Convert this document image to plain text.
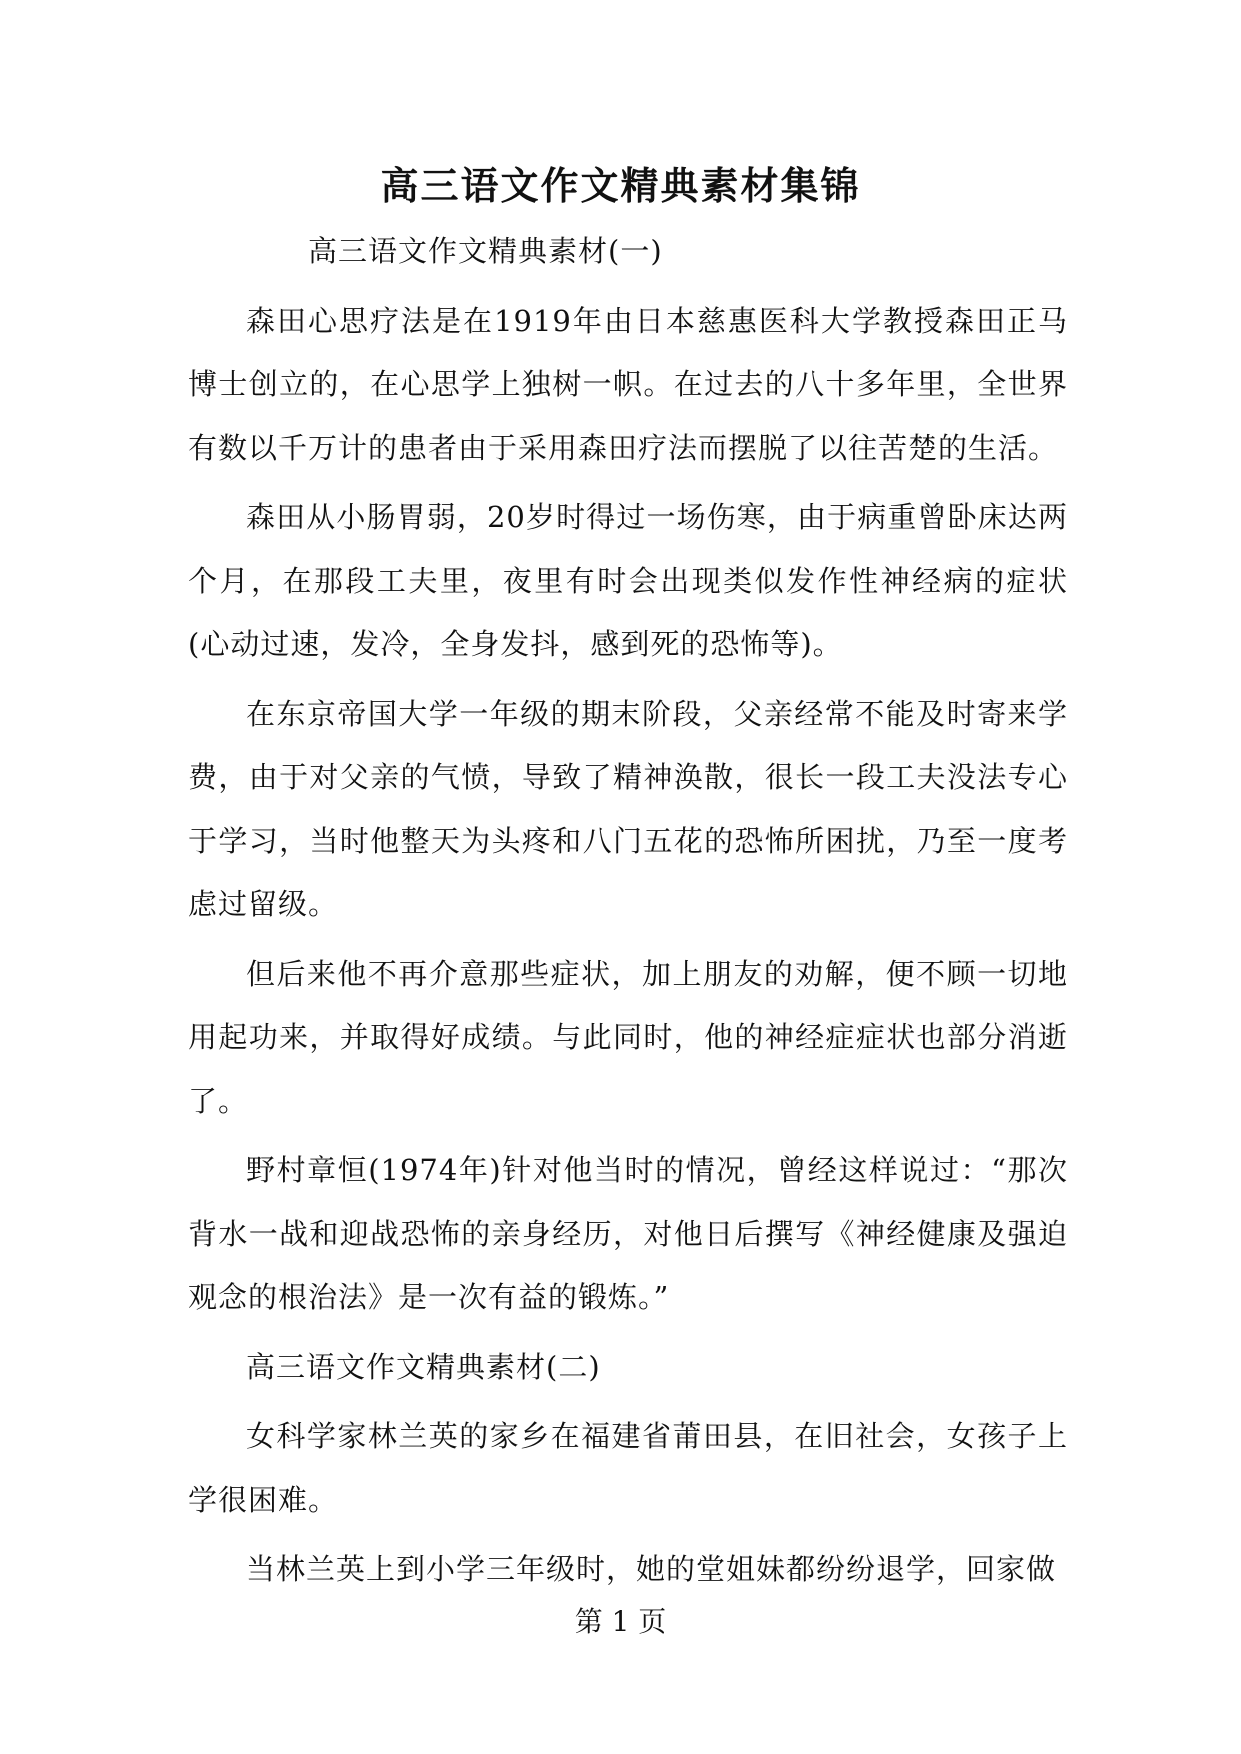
高三语文作文精典素材集锦

高三语文作文精典素材(一)

森田心思疗法是在1919年由日本慈惠医科大学教授森田正马博士创立的，在心思学上独树一帜。在过去的八十多年里，全世界有数以千万计的患者由于采用森田疗法而摆脱了以往苦楚的生活。

森田从小肠胃弱，20岁时得过一场伤寒，由于病重曾卧床达两个月，在那段工夫里，夜里有时会出现类似发作性神经病的症状(心动过速，发冷，全身发抖，感到死的恐怖等)。

在东京帝国大学一年级的期末阶段，父亲经常不能及时寄来学费，由于对父亲的气愤，导致了精神涣散，很长一段工夫没法专心于学习，当时他整天为头疼和八门五花的恐怖所困扰，乃至一度考虑过留级。

但后来他不再介意那些症状，加上朋友的劝解，便不顾一切地用起功来，并取得好成绩。与此同时，他的神经症症状也部分消逝了。

野村章恒(1974年)针对他当时的情况，曾经这样说过：“那次背水一战和迎战恐怖的亲身经历，对他日后撰写《神经健康及强迫观念的根治法》是一次有益的锻炼。”

高三语文作文精典素材(二)

女科学家林兰英的家乡在福建省莆田县，在旧社会，女孩子上学很困难。

当林兰英上到小学三年级时，她的堂姐妹都纷纷退学，回家做

第 1 页
